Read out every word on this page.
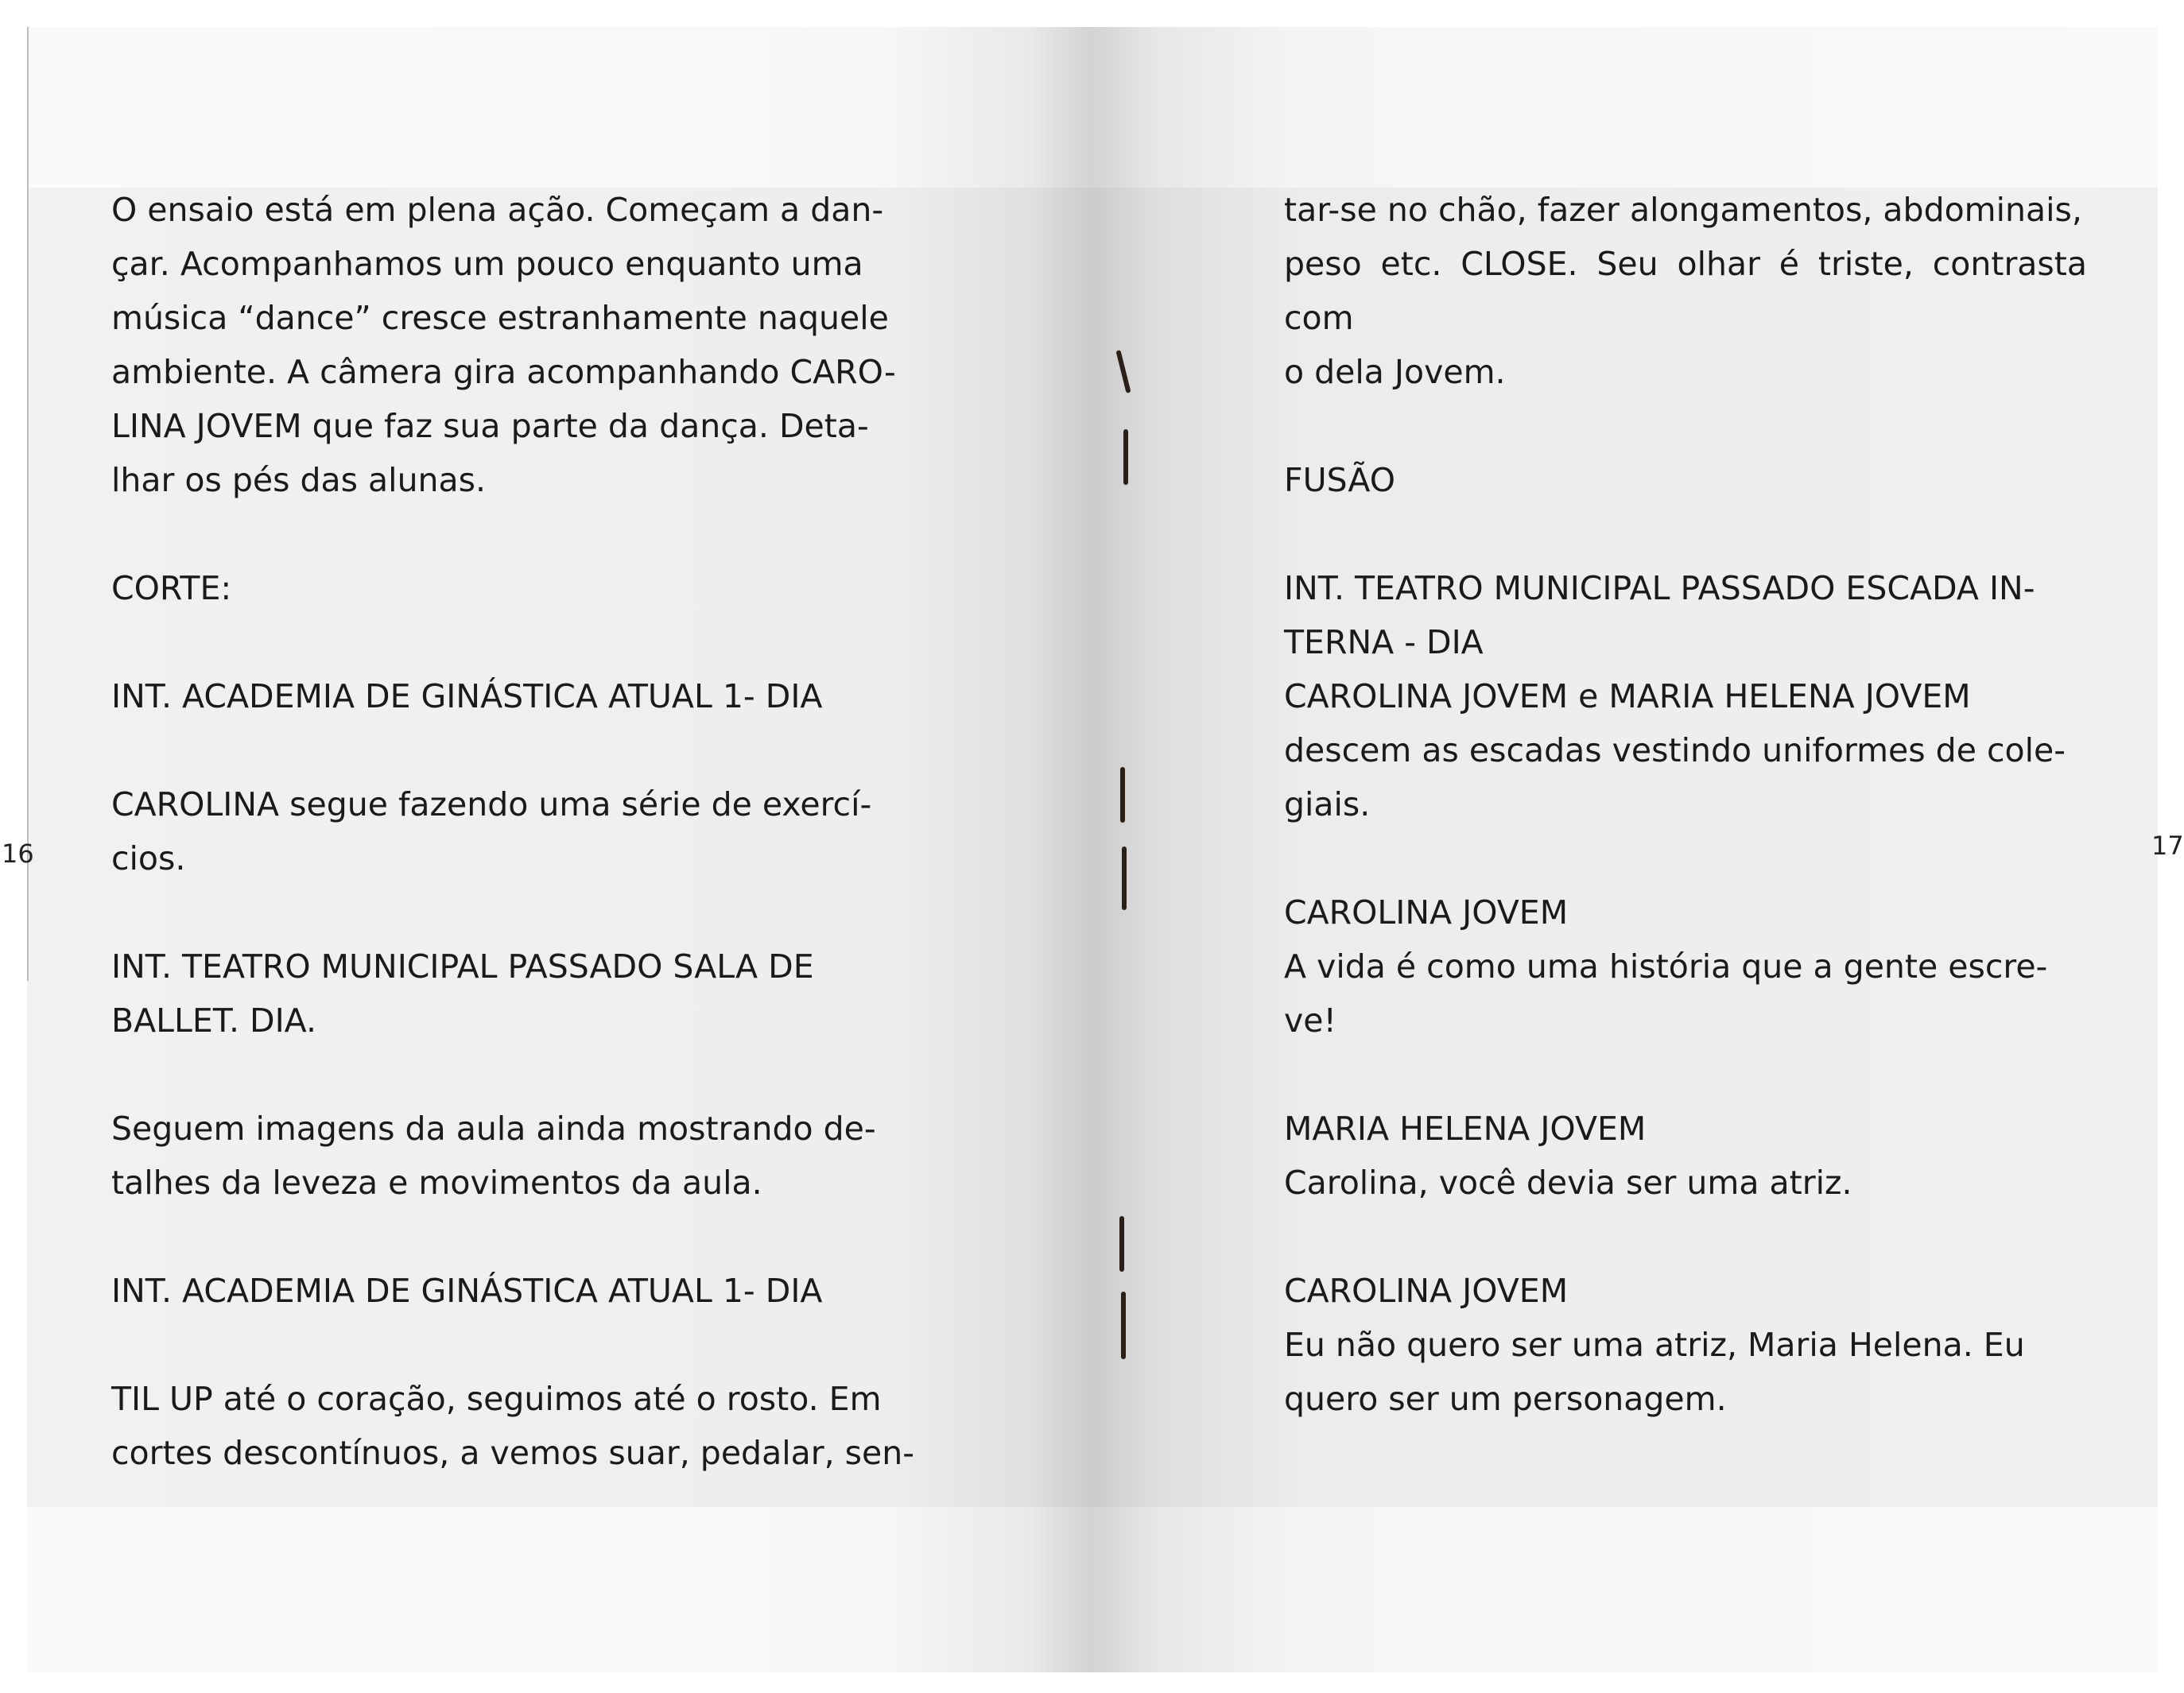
16	17
O ensaio está em plena ação. Começam a dan-
çar. Acompanhamos um pouco enquanto uma
música “dance” cresce estranhamente naquele
ambiente. A câmera gira acompanhando CARO-
LINA JOVEM que faz sua parte da dança. Deta-
lhar os pés das alunas.
CORTE:
INT. ACADEMIA DE GINÁSTICA ATUAL 1- DIA
CAROLINA segue fazendo uma série de exercí-
cios.
INT. TEATRO MUNICIPAL PASSADO SALA DE
BALLET. DIA.
Seguem imagens da aula ainda mostrando de-
talhes da leveza e movimentos da aula.
INT. ACADEMIA DE GINÁSTICA ATUAL 1- DIA
TIL UP até o coração, seguimos até o rosto. Em
cortes descontínuos, a vemos suar, pedalar, sen-
tar-se no chão, fazer alongamentos, abdominais,
peso etc. CLOSE. Seu olhar é triste, contrasta com
o dela Jovem.
FUSÃO
INT. TEATRO MUNICIPAL PASSADO ESCADA IN-
TERNA - DIA
CAROLINA JOVEM e MARIA HELENA JOVEM
descem as escadas vestindo uniformes de cole-
giais.
CAROLINA JOVEM
A vida é como uma história que a gente escre-
ve!
MARIA HELENA JOVEM
Carolina, você devia ser uma atriz.
CAROLINA JOVEM
Eu não quero ser uma atriz, Maria Helena. Eu
quero ser um personagem.
